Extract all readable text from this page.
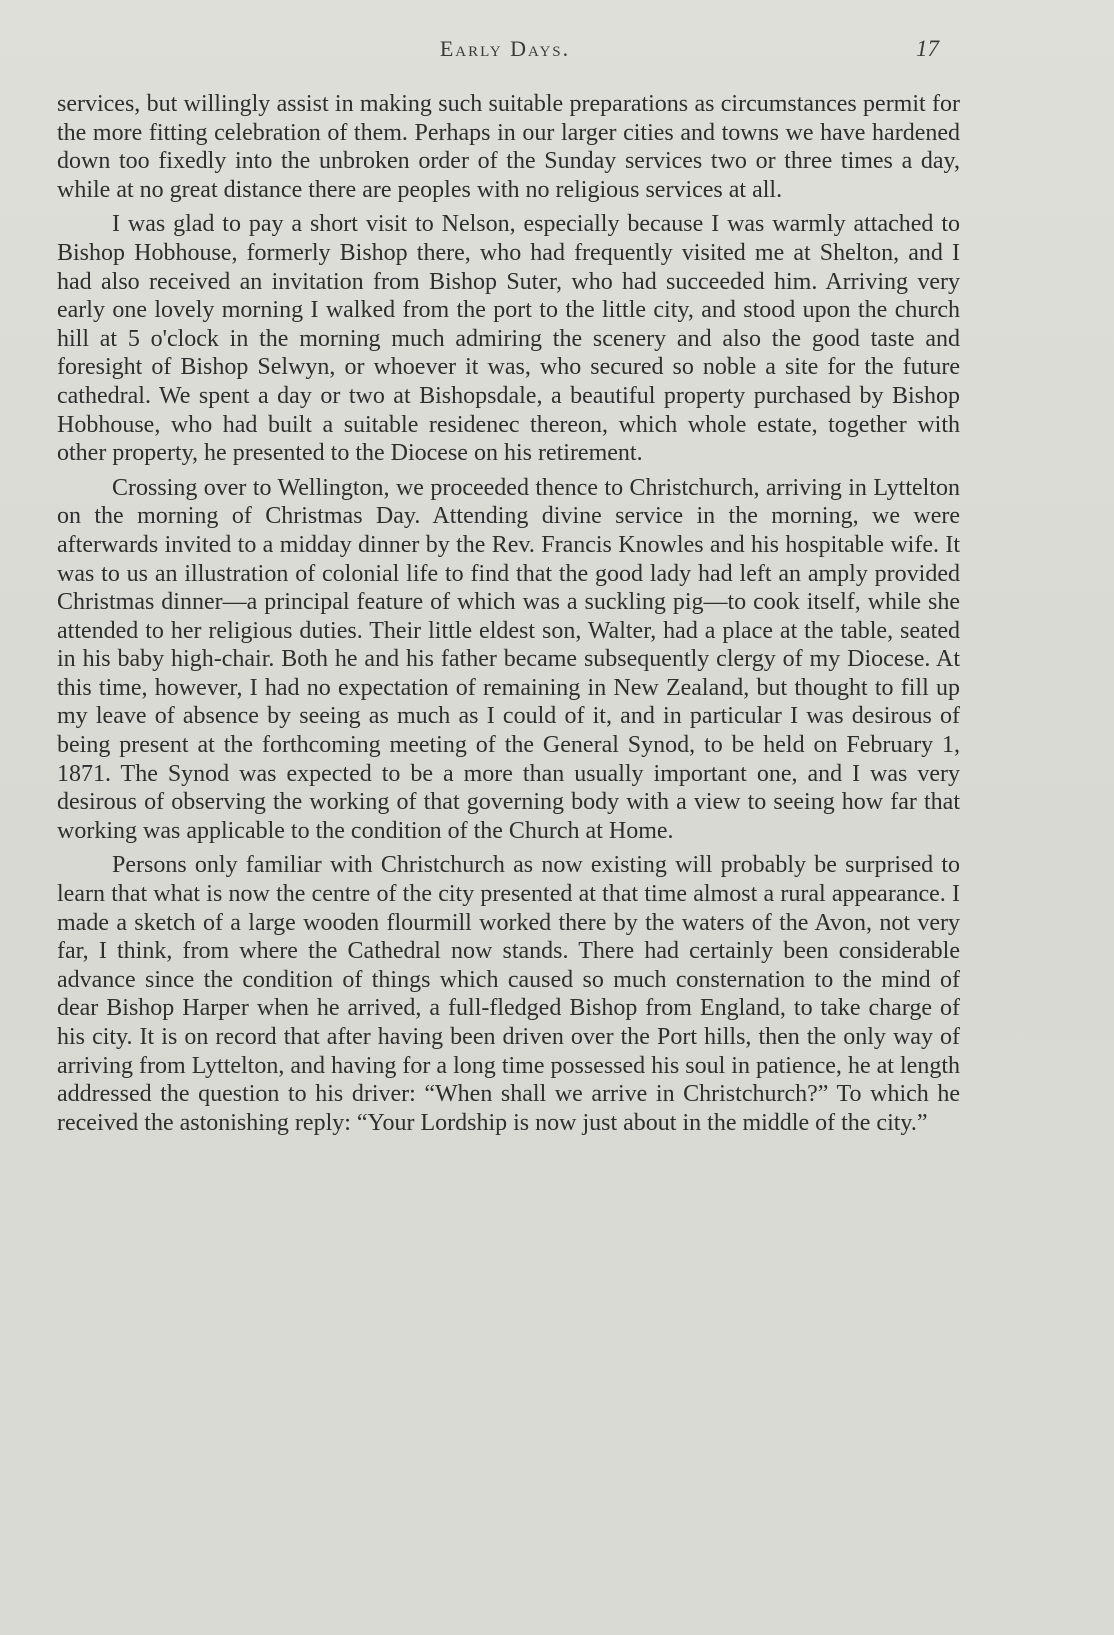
Early Days.	17

services, but willingly assist in making such suitable preparations as circumstances permit for the more fitting celebration of them. Perhaps in our larger cities and towns we have hardened down too fixedly into the unbroken order of the Sunday services two or three times a day, while at no great distance there are peoples with no religious services at all.

I was glad to pay a short visit to Nelson, especially because I was warmly attached to Bishop Hobhouse, formerly Bishop there, who had frequently visited me at Shelton, and I had also received an invitation from Bishop Suter, who had succeeded him. Arriving very early one lovely morning I walked from the port to the little city, and stood upon the church hill at 5 o'clock in the morning much admiring the scenery and also the good taste and foresight of Bishop Selwyn, or whoever it was, who secured so noble a site for the future cathedral. We spent a day or two at Bishopsdale, a beautiful property purchased by Bishop Hobhouse, who had built a suitable residenec thereon, which whole estate, together with other property, he presented to the Diocese on his retirement.

Crossing over to Wellington, we proceeded thence to Christchurch, arriving in Lyttelton on the morning of Christmas Day. Attending divine service in the morning, we were afterwards invited to a midday dinner by the Rev. Francis Knowles and his hospitable wife. It was to us an illustration of colonial life to find that the good lady had left an amply provided Christmas dinner—a principal feature of which was a suckling pig—to cook itself, while she attended to her religious duties. Their little eldest son, Walter, had a place at the table, seated in his baby high-chair. Both he and his father became subsequently clergy of my Diocese. At this time, however, I had no expectation of remaining in New Zealand, but thought to fill up my leave of absence by seeing as much as I could of it, and in particular I was desirous of being present at the forthcoming meeting of the General Synod, to be held on February 1, 1871. The Synod was expected to be a more than usually important one, and I was very desirous of observing the working of that governing body with a view to seeing how far that working was applicable to the condition of the Church at Home.

Persons only familiar with Christchurch as now existing will probably be surprised to learn that what is now the centre of the city presented at that time almost a rural appearance. I made a sketch of a large wooden flourmill worked there by the waters of the Avon, not very far, I think, from where the Cathedral now stands. There had certainly been considerable advance since the condition of things which caused so much consternation to the mind of dear Bishop Harper when he arrived, a full-fledged Bishop from England, to take charge of his city. It is on record that after having been driven over the Port hills, then the only way of arriving from Lyttelton, and having for a long time possessed his soul in patience, he at length addressed the question to his driver: “When shall we arrive in Christchurch?” To which he received the astonishing reply: “Your Lordship is now just about in the middle of the city.”
